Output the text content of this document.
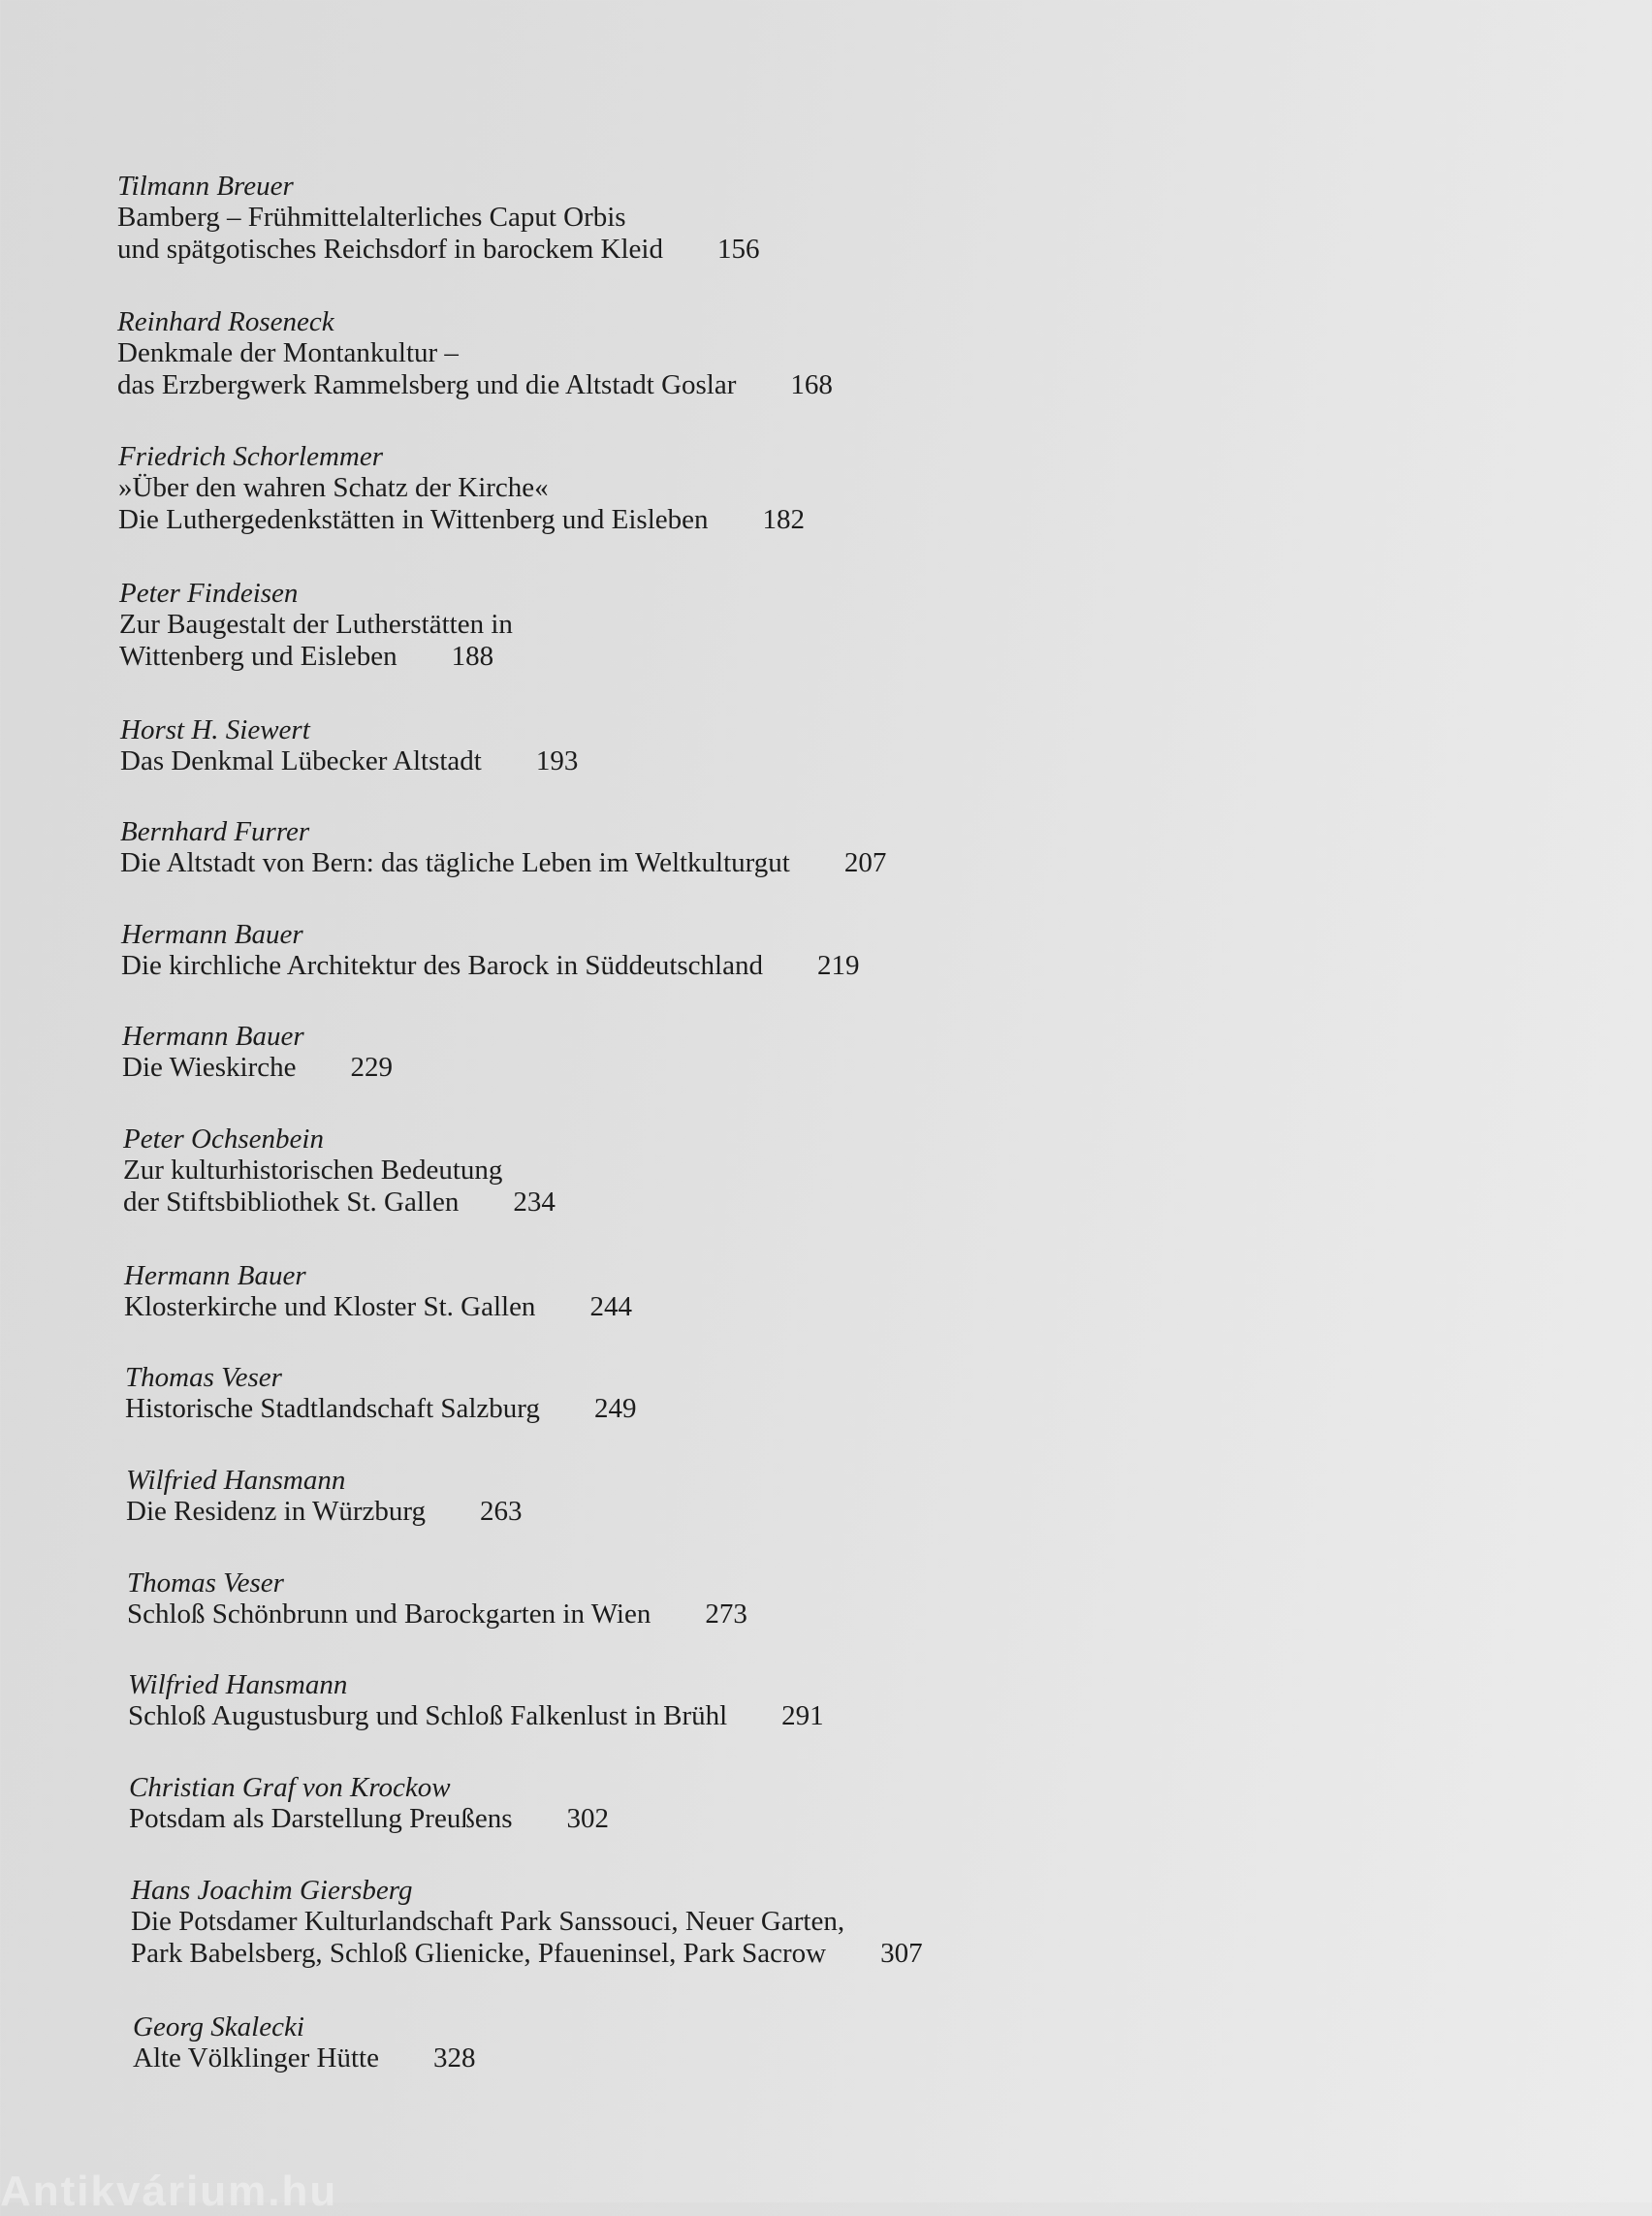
Tilmann Breuer
Bamberg – Frühmittelalterliches Caput Orbis
und spätgotisches Reichsdorf in barockem Kleid 156
Reinhard Roseneck
Denkmale der Montankultur –
das Erzbergwerk Rammelsberg und die Altstadt Goslar 168
Friedrich Schorlemmer
»Über den wahren Schatz der Kirche«
Die Luthergedenkstätten in Wittenberg und Eisleben 182
Peter Findeisen
Zur Baugestalt der Lutherstätten in
Wittenberg und Eisleben 188
Horst H. Siewert
Das Denkmal Lübecker Altstadt 193
Bernhard Furrer
Die Altstadt von Bern: das tägliche Leben im Weltkulturgut 207
Hermann Bauer
Die kirchliche Architektur des Barock in Süddeutschland 219
Hermann Bauer
Die Wieskirche 229
Peter Ochsenbein
Zur kulturhistorischen Bedeutung
der Stiftsbibliothek St. Gallen 234
Hermann Bauer
Klosterkirche und Kloster St. Gallen 244
Thomas Veser
Historische Stadtlandschaft Salzburg 249
Wilfried Hansmann
Die Residenz in Würzburg 263
Thomas Veser
Schloß Schönbrunn und Barockgarten in Wien 273
Wilfried Hansmann
Schloß Augustusburg und Schloß Falkenlust in Brühl 291
Christian Graf von Krockow
Potsdam als Darstellung Preußens 302
Hans Joachim Giersberg
Die Potsdamer Kulturlandschaft Park Sanssouci, Neuer Garten,
Park Babelsberg, Schloß Glienicke, Pfaueninsel, Park Sacrow 307
Georg Skalecki
Alte Völklinger Hütte 328
Antikvárium.hu
